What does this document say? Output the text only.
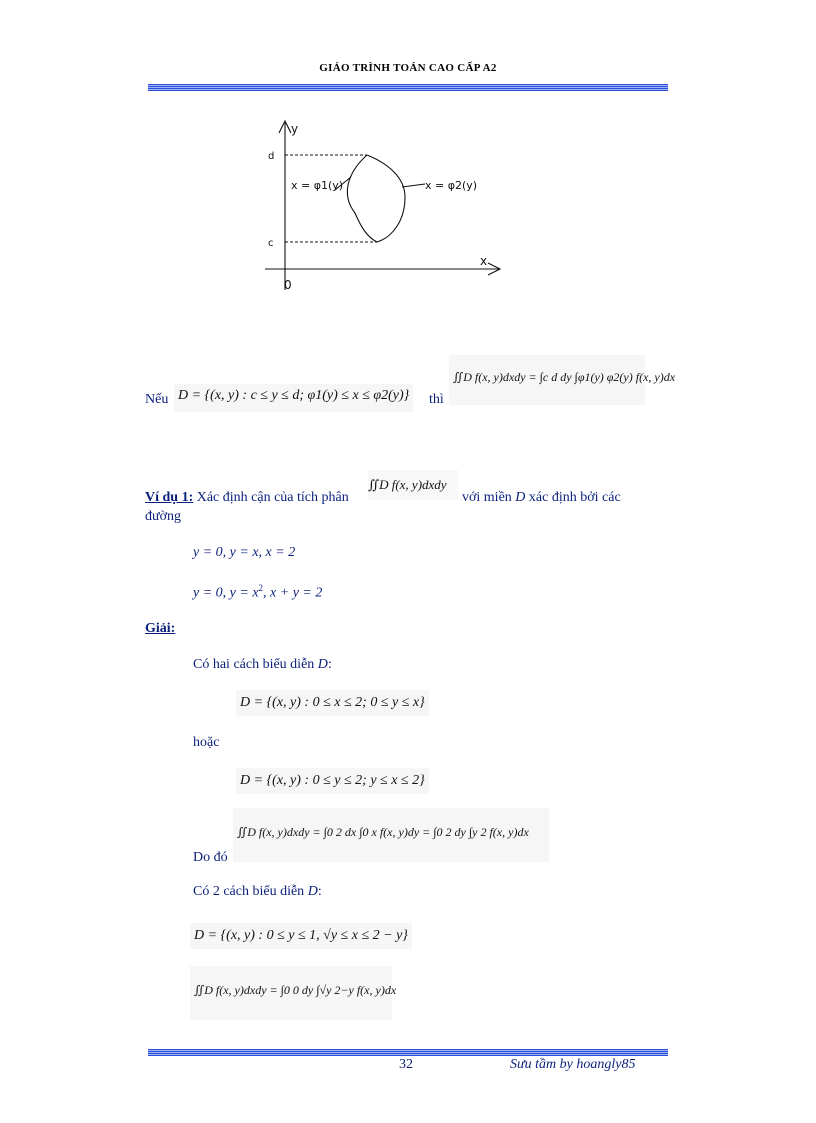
GIÁO TRÌNH TOÁN CAO CẤP A2
y
x
0
d
c
x = φ1(y)	x = φ2(y)
Nếu D = {(x, y) : c ≤ y ≤ d; φ1(y) ≤ x ≤ φ2(y)} thì
∬D f(x, y)dxdy = ∫c d dy ∫φ1(y) φ2(y) f(x, y)dx
Ví dụ 1: Xác định cận của tích phân
∬D f(x, y)dxdy
với miền D xác định bởi các
đường
y = 0, y = x, x = 2
y = 0, $y = x^2$, x + y = 2
Giải:
Có hai cách biểu diễn D:
D = {(x, y) : 0 ≤ x ≤ 2; 0 ≤ y ≤ x}
hoặc
D = {(x, y) : 0 ≤ y ≤ 2; y ≤ x ≤ 2}
Do đó
∬D f(x, y)dxdy = ∫0 2 dx ∫0 x f(x, y)dy = ∫0 2 dy ∫y 2 f(x, y)dx
Có 2 cách biểu diễn D:
D = {(x, y) : 0 ≤ y ≤ 1, √y ≤ x ≤ 2 − y}
∬D f(x, y)dxdy = ∫0 0 dy ∫√y 2−y f(x, y)dx
32	Sưu tầm by hoangly85
